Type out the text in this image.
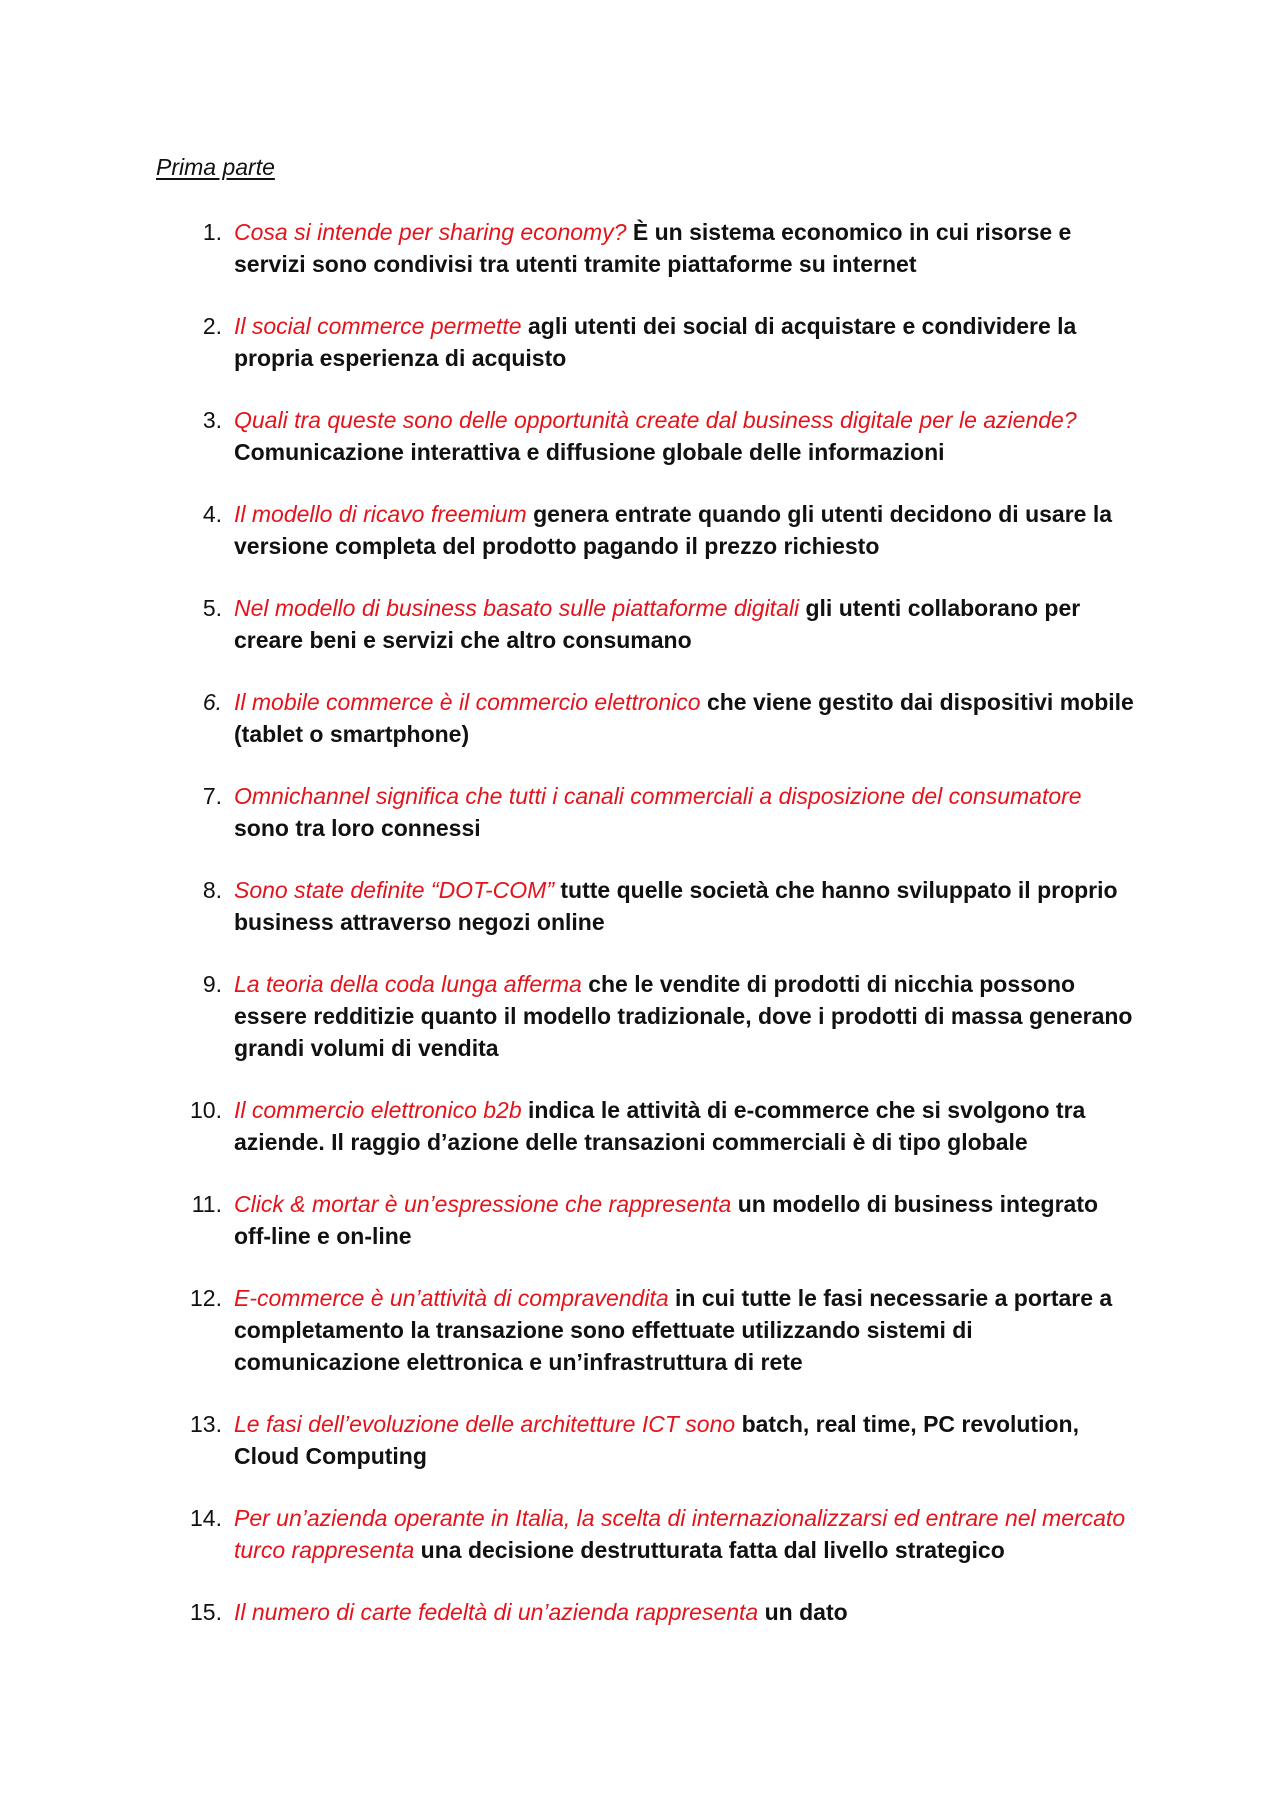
Prima parte
1. Cosa si intende per sharing economy? È un sistema economico in cui risorse e servizi sono condivisi tra utenti tramite piattaforme su internet
2. Il social commerce permette agli utenti dei social di acquistare e condividere la propria esperienza di acquisto
3. Quali tra queste sono delle opportunità create dal business digitale per le aziende? Comunicazione interattiva e diffusione globale delle informazioni
4. Il modello di ricavo freemium genera entrate quando gli utenti decidono di usare la versione completa del prodotto pagando il prezzo richiesto
5. Nel modello di business basato sulle piattaforme digitali gli utenti collaborano per creare beni e servizi che altro consumano
6. Il mobile commerce è il commercio elettronico che viene gestito dai dispositivi mobile (tablet o smartphone)
7. Omnichannel significa che tutti i canali commerciali a disposizione del consumatore sono tra loro connessi
8. Sono state definite “DOT-COM” tutte quelle società che hanno sviluppato il proprio business attraverso negozi online
9. La teoria della coda lunga afferma che le vendite di prodotti di nicchia possono essere redditizie quanto il modello tradizionale, dove i prodotti di massa generano grandi volumi di vendita
10. Il commercio elettronico b2b indica le attività di e-commerce che si svolgono tra aziende. Il raggio d’azione delle transazioni commerciali è di tipo globale
11. Click & mortar è un’espressione che rappresenta un modello di business integrato off-line e on-line
12. E-commerce è un’attività di compravendita in cui tutte le fasi necessarie a portare a completamento la transazione sono effettuate utilizzando sistemi di comunicazione elettronica e un’infrastruttura di rete
13. Le fasi dell’evoluzione delle architetture ICT sono batch, real time, PC revolution, Cloud Computing
14. Per un’azienda operante in Italia, la scelta di internazionalizzarsi ed entrare nel mercato turco rappresenta una decisione destrutturata fatta dal livello strategico
15. Il numero di carte fedeltà di un’azienda rappresenta un dato
